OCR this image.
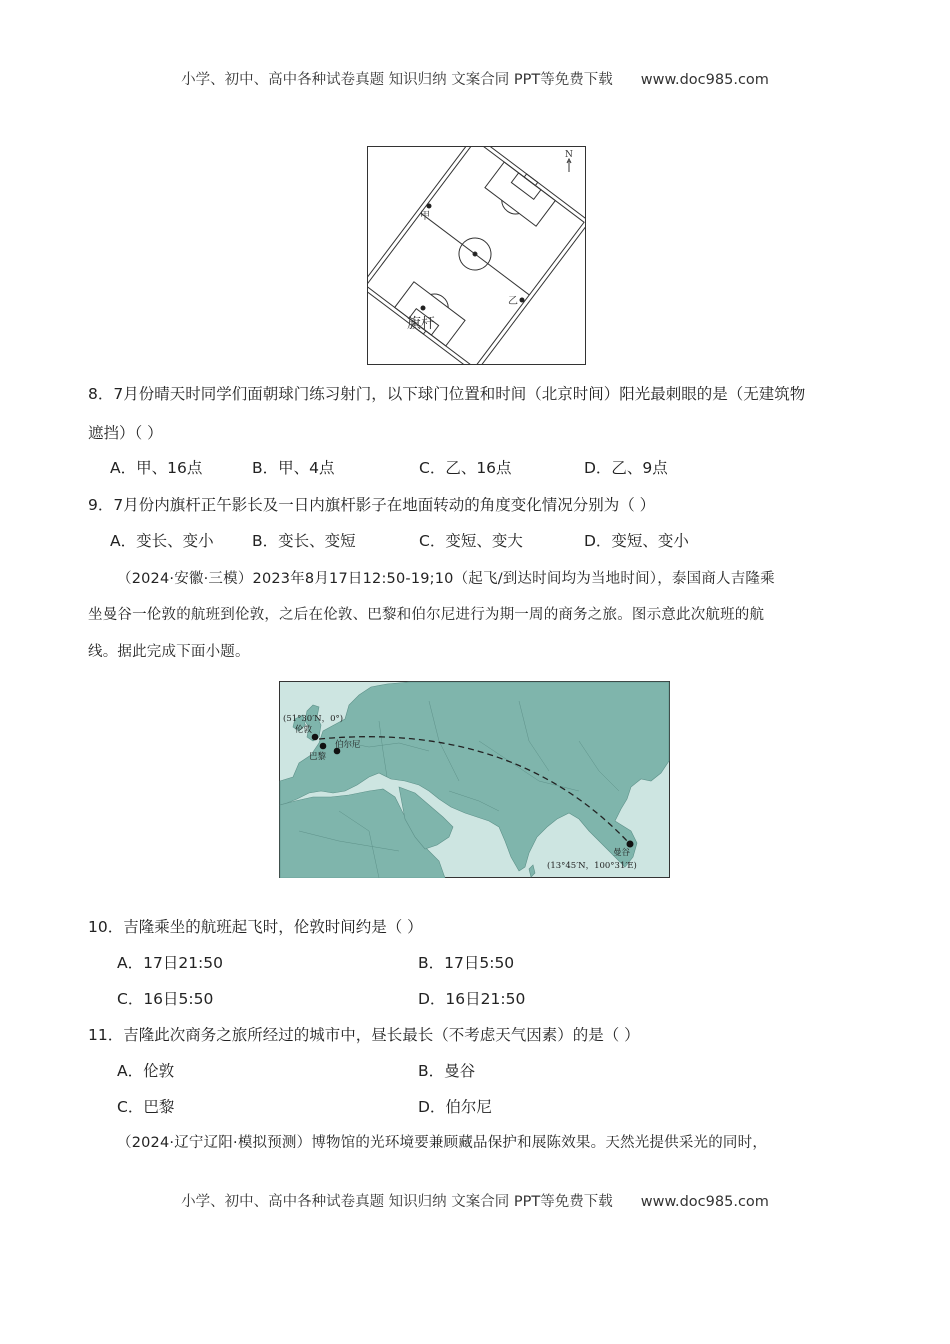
小学、初中、高中各种试卷真题 知识归纳 文案合同 PPT等免费下载 www.doc985.com
甲
乙
旗杆
N
8．7月份晴天时同学们面朝球门练习射门，以下球门位置和时间（北京时间）阳光最刺眼的是（无建筑物
遮挡）（ ）
A．甲、16点	B．甲、4点	C．乙、16点	D．乙、9点
9．7月份内旗杆正午影长及一日内旗杆影子在地面转动的角度变化情况分别为（ ）
A．变长、变小 B．变长、变短	C．变短、变大	D．变短、变小
（2024·安徽·三模）2023年8月17日12:50-19;10（起飞/到达时间均为当地时间），泰国商人吉隆乘
坐曼谷一伦敦的航班到伦敦，之后在伦敦、巴黎和伯尔尼进行为期一周的商务之旅。图示意此次航班的航
线。据此完成下面小题。
(51°30′N，0°)
伦敦
伯尔尼
巴黎
曼谷
(13°45′N，100°31′E)
10．吉隆乘坐的航班起飞时，伦敦时间约是（ ）
A．17日21:50	B．17日5:50
C．16日5:50	D．16日21:50
11．吉隆此次商务之旅所经过的城市中，昼长最长（不考虑天气因素）的是（ ）
A．伦敦	B．曼谷
C．巴黎	D．伯尔尼
（2024·辽宁辽阳·模拟预测）博物馆的光环境要兼顾藏品保护和展陈效果。天然光提供采光的同时，
小学、初中、高中各种试卷真题 知识归纳 文案合同 PPT等免费下载 www.doc985.com
